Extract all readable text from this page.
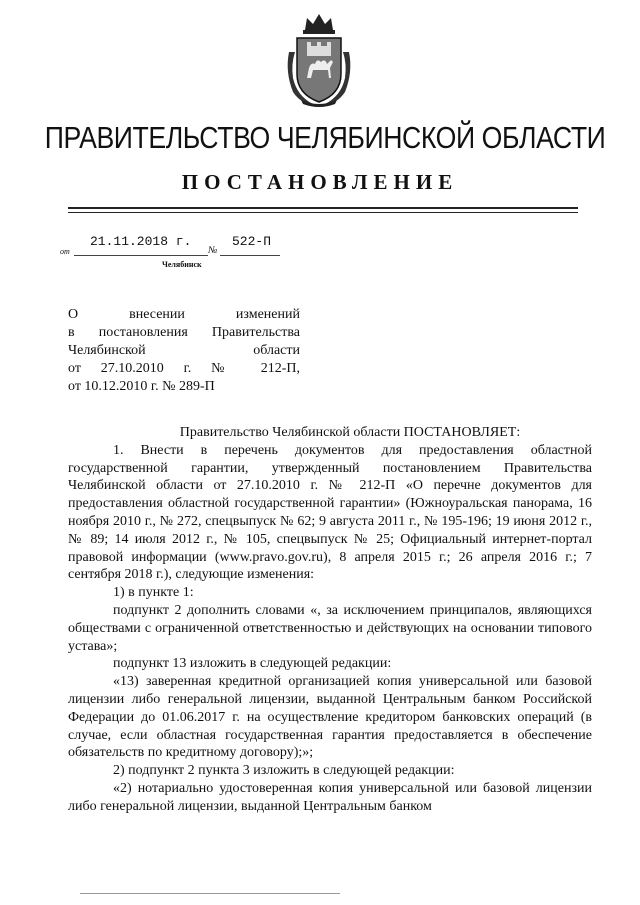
ПРАВИТЕЛЬСТВО ЧЕЛЯБИНСКОЙ ОБЛАСТИ
ПОСТАНОВЛЕНИЕ
от
21.11.2018 г.
№
522-П
Челябинск
О внесении изменений
в постановления Правительства
Челябинской области
от 27.10.2010 г. № 212-П,
от 10.12.2010 г. № 289-П

Правительство Челябинской области ПОСТАНОВЛЯЕТ:

1. Внести в перечень документов для предоставления областной государственной гарантии, утвержденный постановлением Правительства Челябинской области от 27.10.2010 г. № 212-П «О перечне документов для предоставления областной государственной гарантии» (Южноуральская панорама, 16 ноября 2010 г., № 272, спецвыпуск № 62; 9 августа 2011 г., № 195-196; 19 июня 2012 г., № 89; 14 июля 2012 г., № 105, спецвыпуск № 25; Официальный интернет-портал правовой информации (www.pravo.gov.ru), 8 апреля 2015 г.; 26 апреля 2016 г.; 7 сентября 2018 г.), следующие изменения:

1) в пункте 1:

подпункт 2 дополнить словами «, за исключением принципалов, являющихся обществами с ограниченной ответственностью и действующих на основании типового устава»;

подпункт 13 изложить в следующей редакции:

«13) заверенная кредитной организацией копия универсальной или базовой лицензии либо генеральной лицензии, выданной Центральным банком Российской Федерации до 01.06.2017 г. на осуществление кредитором банковских операций (в случае, если областная государственная гарантия предоставляется в обеспечение обязательств по кредитному договору);»;

2) подпункт 2 пункта 3 изложить в следующей редакции:

«2) нотариально удостоверенная копия универсальной или базовой лицензии либо генеральной лицензии, выданной Центральным банком
